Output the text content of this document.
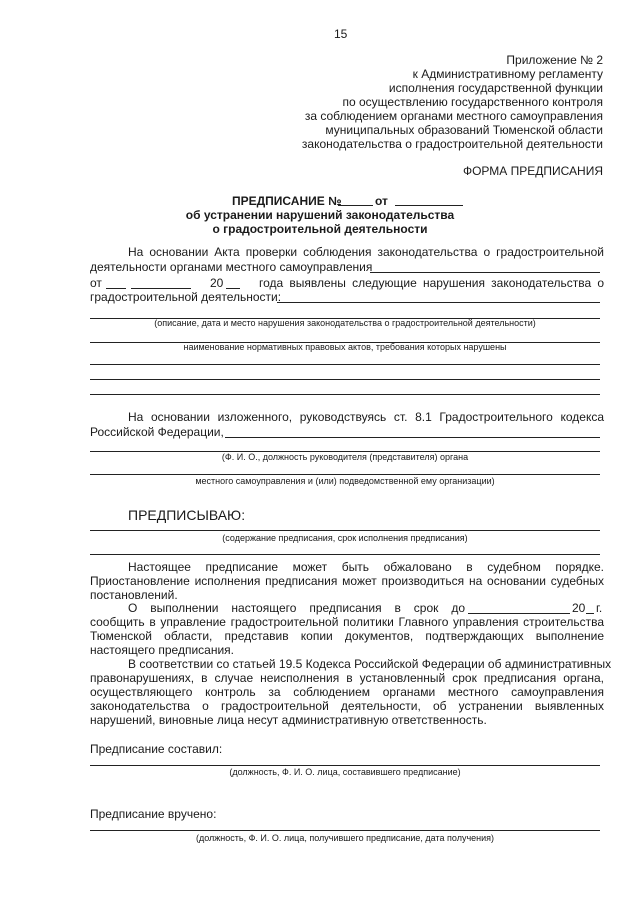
15
Приложение № 2
к Административному регламенту
исполнения государственной функции
по осуществлению государственного контроля
за соблюдением органами местного самоуправления
муниципальных образований Тюменской области
законодательства о градостроительной деятельности
ФОРМА ПРЕДПИСАНИЯ
ПРЕДПИСАНИЕ №	от
об устранении нарушений законодательства
о градостроительной деятельности
На основании Акта проверки соблюдения законодательства о градостроительной
деятельности органами местного самоуправления
от	20	года выявлены следующие нарушения законодательства о
градостроительной деятельности:
(описание, дата и место нарушения законодательства о градостроительной деятельности)
наименование нормативных правовых актов, требования которых нарушены
На основании изложенного, руководствуясь ст. 8.1 Градостроительного кодекса
Российской Федерации,
(Ф. И. О., должность руководителя (представителя) органа
местного самоуправления и (или) подведомственной ему организации)
ПРЕДПИСЫВАЮ:
(содержание предписания, срок исполнения предписания)
Настоящее предписание может быть обжаловано в судебном порядке.
Приостановление исполнения предписания может производиться на основании судебных
постановлений.
О выполнении настоящего предписания в срок до	20 г.
сообщить в управление градостроительной политики Главного управления строительства
Тюменской области, представив копии документов, подтверждающих выполнение
настоящего предписания.
В соответствии со статьей 19.5 Кодекса Российской Федерации об административных
правонарушениях, в случае неисполнения в установленный срок предписания органа,
осуществляющего контроль за соблюдением органами местного самоуправления
законодательства о градостроительной деятельности, об устранении выявленных
нарушений, виновные лица несут административную ответственность.
Предписание составил:
(должность, Ф. И. О. лица, составившего предписание)
Предписание вручено:
(должность, Ф. И. О. лица, получившего предписание, дата получения)
